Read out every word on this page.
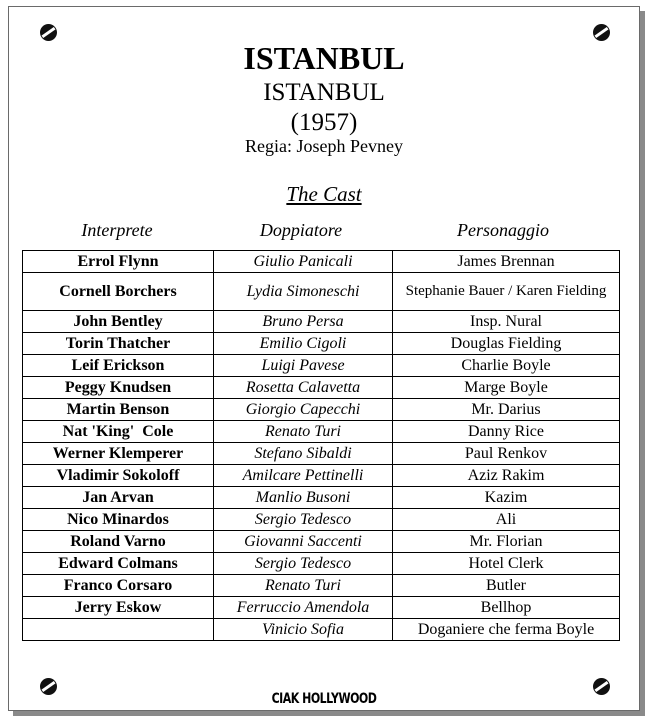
ISTANBUL
ISTANBUL
(1957)
Regia: Joseph Pevney
The Cast
Interprete	Doppiatore	Personaggio
Errol Flynn	Giulio Panicali	James Brennan
Cornell Borchers	Lydia Simoneschi	Stephanie Bauer / Karen Fielding
John Bentley	Bruno Persa	Insp. Nural
Torin Thatcher	Emilio Cigoli	Douglas Fielding
Leif Erickson	Luigi Pavese	Charlie Boyle
Peggy Knudsen	Rosetta Calavetta	Marge Boyle
Martin Benson	Giorgio Capecchi	Mr. Darius
Nat 'King'  Cole	Renato Turi	Danny Rice
Werner Klemperer	Stefano Sibaldi	Paul Renkov
Vladimir Sokoloff	Amilcare Pettinelli	Aziz Rakim
Jan Arvan	Manlio Busoni	Kazim
Nico Minardos	Sergio Tedesco	Ali
Roland Varno	Giovanni Saccenti	Mr. Florian
Edward Colmans	Sergio Tedesco	Hotel Clerk
Franco Corsaro	Renato Turi	Butler
Jerry Eskow	Ferruccio Amendola	Bellhop
	Vinicio Sofia	Doganiere che ferma Boyle
CIAK HOLLYWOOD
